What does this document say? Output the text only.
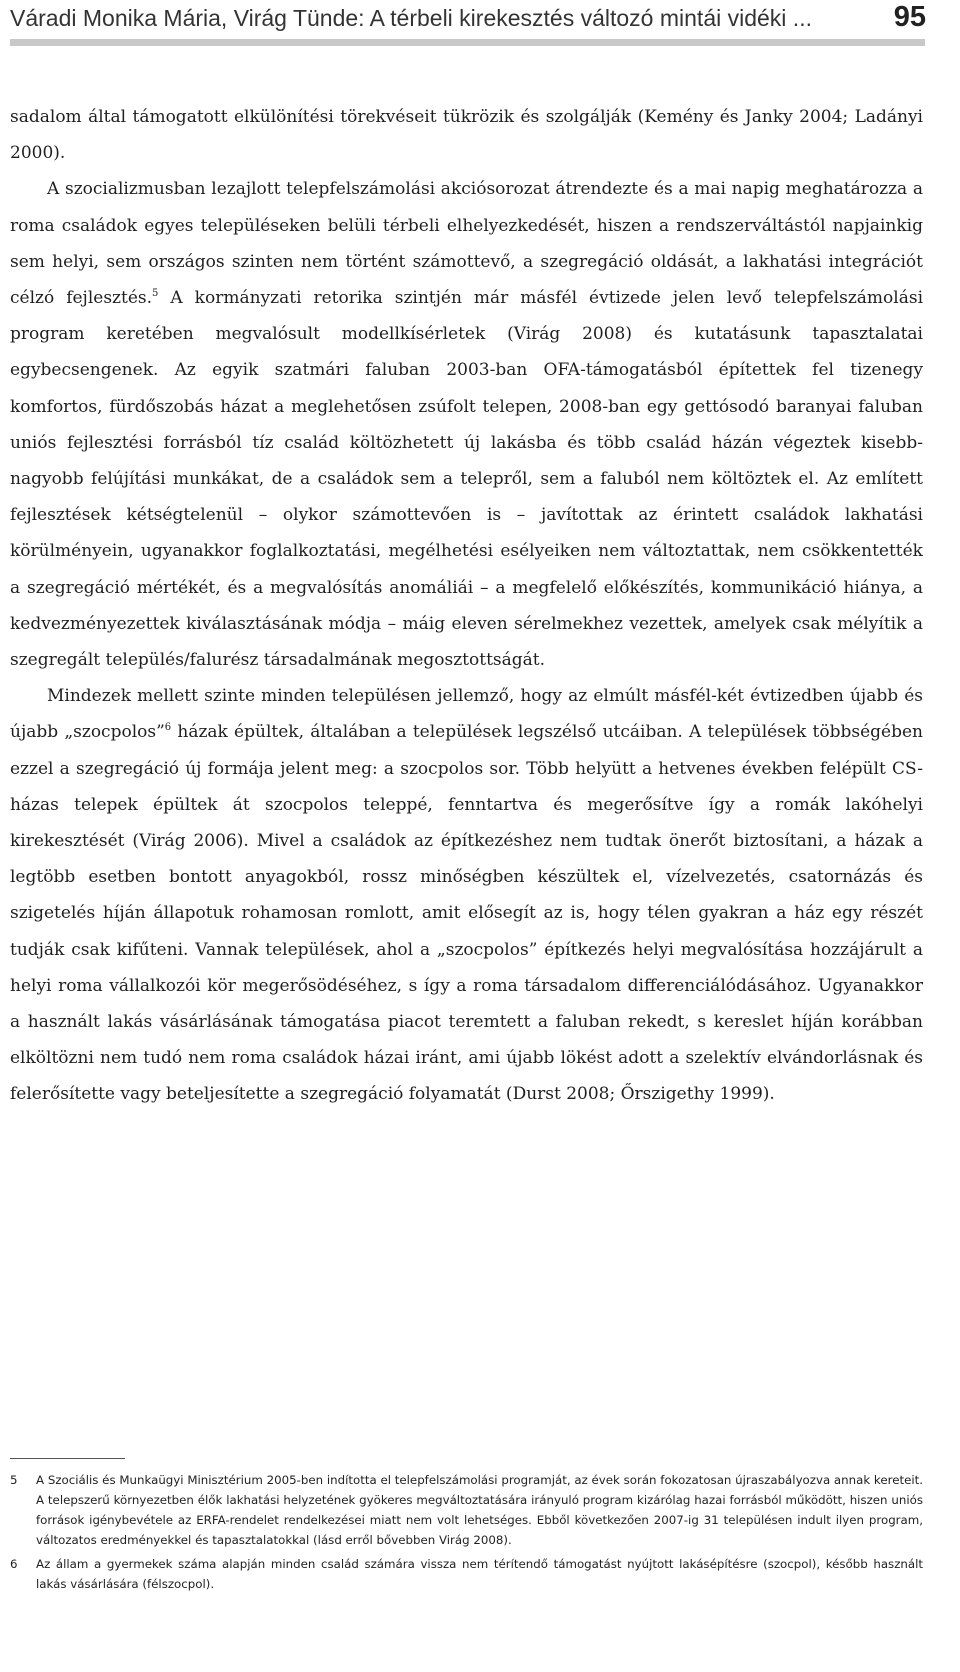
Váradi Monika Mária, Virág Tünde: A térbeli kirekesztés változó mintái vidéki ...	95

sadalom által támogatott elkülönítési törekvéseit tükrözik és szolgálják (Kemény és Janky 2004; Ladányi 2000).

A szocializmusban lezajlott telepfelszámolási akciósorozat átrendezte és a mai napig meghatározza a roma családok egyes településeken belüli térbeli elhelyezkedését, hiszen a rendszerváltástól napjainkig sem helyi, sem országos szinten nem történt számottevő, a szegregáció oldását, a lakhatási integrációt célzó fejlesztés.$^5$ A kormányzati retorika szintjén már másfél évtizede jelen levő telepfelszámolási program keretében megvalósult modellkísérletek (Virág 2008) és kutatásunk tapasztalatai egybecsengenek. Az egyik szatmári faluban 2003-ban OFA-támogatásból építettek fel tizenegy komfortos, fürdőszobás házat a meglehetősen zsúfolt telepen, 2008-ban egy gettósodó baranyai faluban uniós fejlesztési forrásból tíz család költözhetett új lakásba és több család házán végeztek kisebb-nagyobb felújítási munkákat, de a családok sem a telepről, sem a faluból nem költöztek el. Az említett fejlesztések kétségtelenül – olykor számottevően is – javítottak az érintett családok lakhatási körülményein, ugyanakkor foglalkoztatási, megélhetési esélyeiken nem változtattak, nem csökkentették a szegregáció mértékét, és a megvalósítás anomáliái – a megfelelő előkészítés, kommunikáció hiánya, a kedvezményezettek kiválasztásának módja – máig eleven sérelmekhez vezettek, amelyek csak mélyítik a szegregált település/falurész társadalmának megosztottságát.

Mindezek mellett szinte minden településen jellemző, hogy az elmúlt másfél-két évtizedben újabb és újabb „szocpolos”$^6$ házak épültek, általában a települések legszélső utcáiban. A települések többségében ezzel a szegregáció új formája jelent meg: a szocpolos sor. Több helyütt a hetvenes években felépült CS-házas telepek épültek át szocpolos teleppé, fenntartva és megerősítve így a romák lakóhelyi kirekesztését (Virág 2006). Mivel a családok az építkezéshez nem tudtak önerőt biztosítani, a házak a legtöbb esetben bontott anyagokból, rossz minőségben készültek el, vízelvezetés, csatornázás és szigetelés híján állapotuk rohamosan romlott, amit elősegít az is, hogy télen gyakran a ház egy részét tudják csak kifűteni. Vannak települések, ahol a „szocpolos” építkezés helyi megvalósítása hozzájárult a helyi roma vállalkozói kör megerősödéséhez, s így a roma társadalom differenciálódásához. Ugyanakkor a használt lakás vásárlásának támogatása piacot teremtett a faluban rekedt, s kereslet híján korábban elköltözni nem tudó nem roma családok házai iránt, ami újabb lökést adott a szelektív elvándorlásnak és felerősítette vagy beteljesítette a szegregáció folyamatát (Durst 2008; Őrszigethy 1999).

5	A Szociális és Munkaügyi Minisztérium 2005-ben indította el telepfelszámolási programját, az évek során fokozatosan újraszabályozva annak kereteit. A telepszerű környezetben élők lakhatási helyzetének gyökeres megváltoztatására irányuló program kizárólag hazai forrásból működött, hiszen uniós források igénybevétele az ERFA-rendelet rendelkezései miatt nem volt lehetséges. Ebből következően 2007-ig 31 településen indult ilyen program, változatos eredményekkel és tapasztalatokkal (lásd erről bővebben Virág 2008).
6	Az állam a gyermekek száma alapján minden család számára vissza nem térítendő támogatást nyújtott lakásépítésre (szocpol), később használt lakás vásárlására (félszocpol).
